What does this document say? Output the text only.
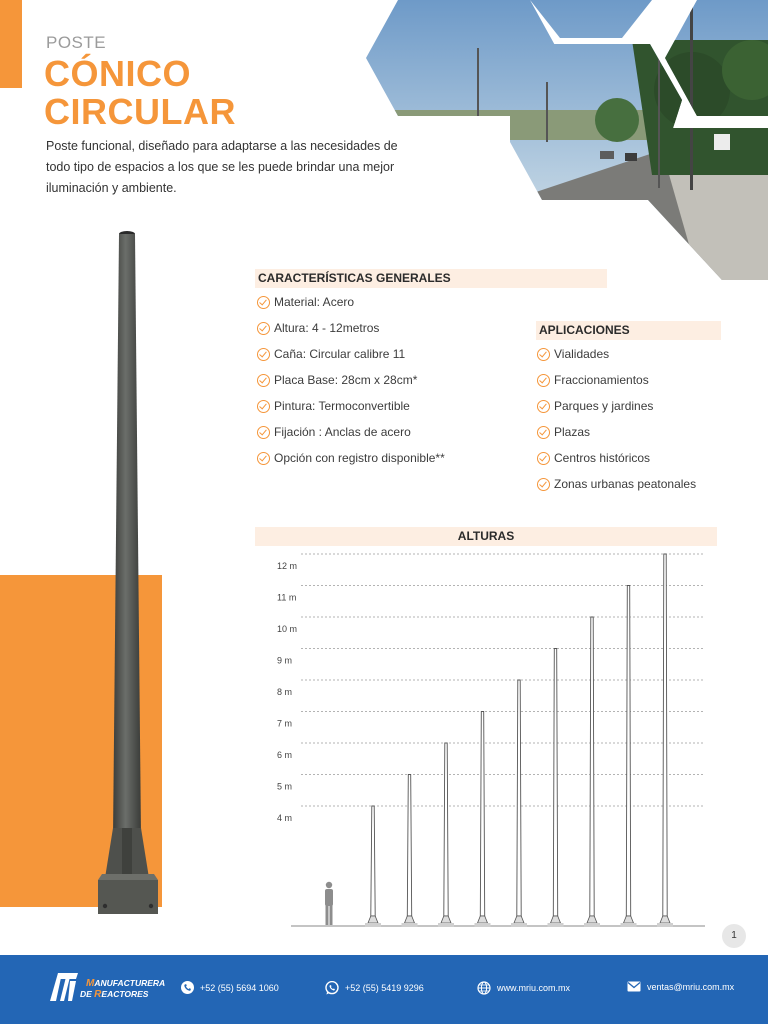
POSTE
CÓNICO
CIRCULAR

Poste funcional, diseñado para adaptarse a las necesidades de todo tipo de espacios a los que se les puede brindar una mejor iluminación y ambiente.

CARACTERÍSTICAS GENERALES
Material: Acero
Altura: 4 - 12metros
Caña: Circular calibre 11
Placa Base: 28cm x 28cm*
Pintura: Termoconvertible
Fijación : Anclas de acero
Opción con registro disponible**
APLICACIONES
Vialidades
Fraccionamientos
Parques y jardines
Plazas
Centros históricos
Zonas urbanas peatonales
ALTURAS
12 m
11 m
10 m
9 m
8 m
7 m
6 m
5 m
4 m
1
MANUFACTURERA
DE REACTORES
+52 (55) 5694 1060	+52 (55) 5419 9296	www.mriu.com.mx	ventas@mriu.com.mx
